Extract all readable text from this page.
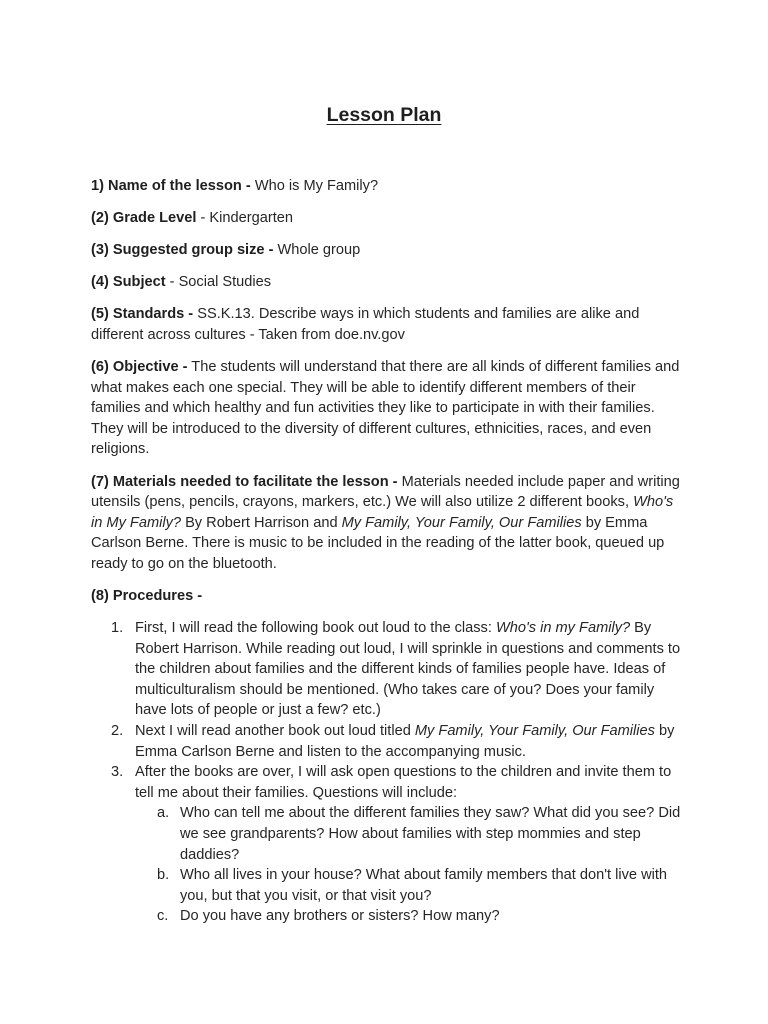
Lesson Plan

1) Name of the lesson - Who is My Family?

(2) Grade Level - Kindergarten

(3) Suggested group size - Whole group

(4) Subject - Social Studies

(5) Standards - SS.K.13. Describe ways in which students and families are alike and different across cultures - Taken from doe.nv.gov

(6) Objective - The students will understand that there are all kinds of different families and what makes each one special. They will be able to identify different members of their families and which healthy and fun activities they like to participate in with their families. They will be introduced to the diversity of different cultures, ethnicities, races, and even religions.

(7) Materials needed to facilitate the lesson - Materials needed include paper and writing utensils (pens, pencils, crayons, markers, etc.) We will also utilize 2 different books, Who's in My Family? By Robert Harrison and My Family, Your Family, Our Families by Emma Carlson Berne. There is music to be included in the reading of the latter book, queued up ready to go on the bluetooth.

(8) Procedures -

1. First, I will read the following book out loud to the class: Who's in my Family? By Robert Harrison. While reading out loud, I will sprinkle in questions and comments to the children about families and the different kinds of families people have. Ideas of multiculturalism should be mentioned. (Who takes care of you? Does your family have lots of people or just a few? etc.)
2. Next I will read another book out loud titled My Family, Your Family, Our Families by Emma Carlson Berne and listen to the accompanying music.
3. After the books are over, I will ask open questions to the children and invite them to tell me about their families. Questions will include:
a. Who can tell me about the different families they saw? What did you see? Did we see grandparents? How about families with step mommies and step daddies?
b. Who all lives in your house? What about family members that don't live with you, but that you visit, or that visit you?
c. Do you have any brothers or sisters? How many?
